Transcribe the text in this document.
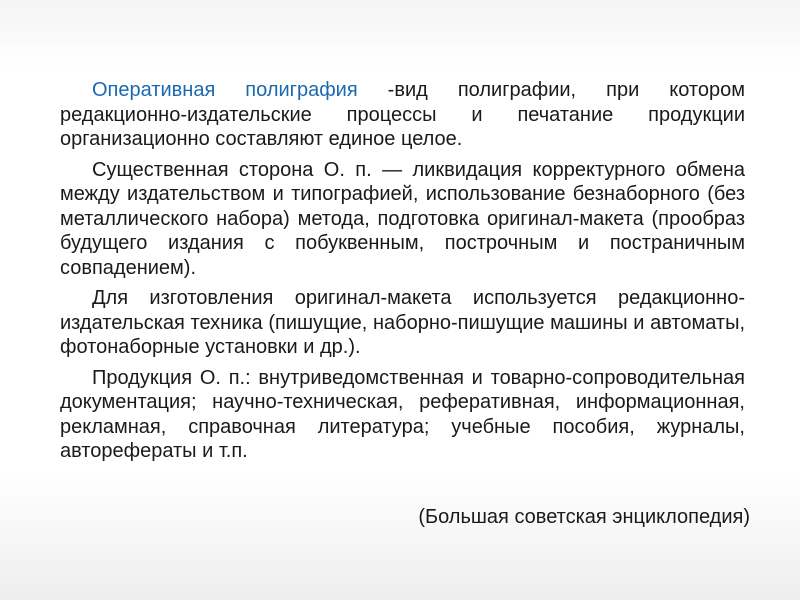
Оперативная полиграфия -вид полиграфии, при котором редакционно-издательские процессы и печатание продукции организационно составляют единое целое.

Существенная сторона О. п. — ликвидация корректурного обмена между издательством и типографией, использование безнаборного (без металлического набора) метода, подготовка оригинал-макета (прообраз будущего издания с побуквенным, построчным и постраничным совпадением).

Для изготовления оригинал-макета используется редакционно-издательская техника (пишущие, наборно-пишущие машины и автоматы, фотонаборные установки и др.).

Продукция О. п.: внутриведомственная и товарно-сопроводительная документация; научно-техническая, реферативная, информационная, рекламная, справочная литература; учебные пособия, журналы, авторефераты и т.п.

(Большая советская энциклопедия)
